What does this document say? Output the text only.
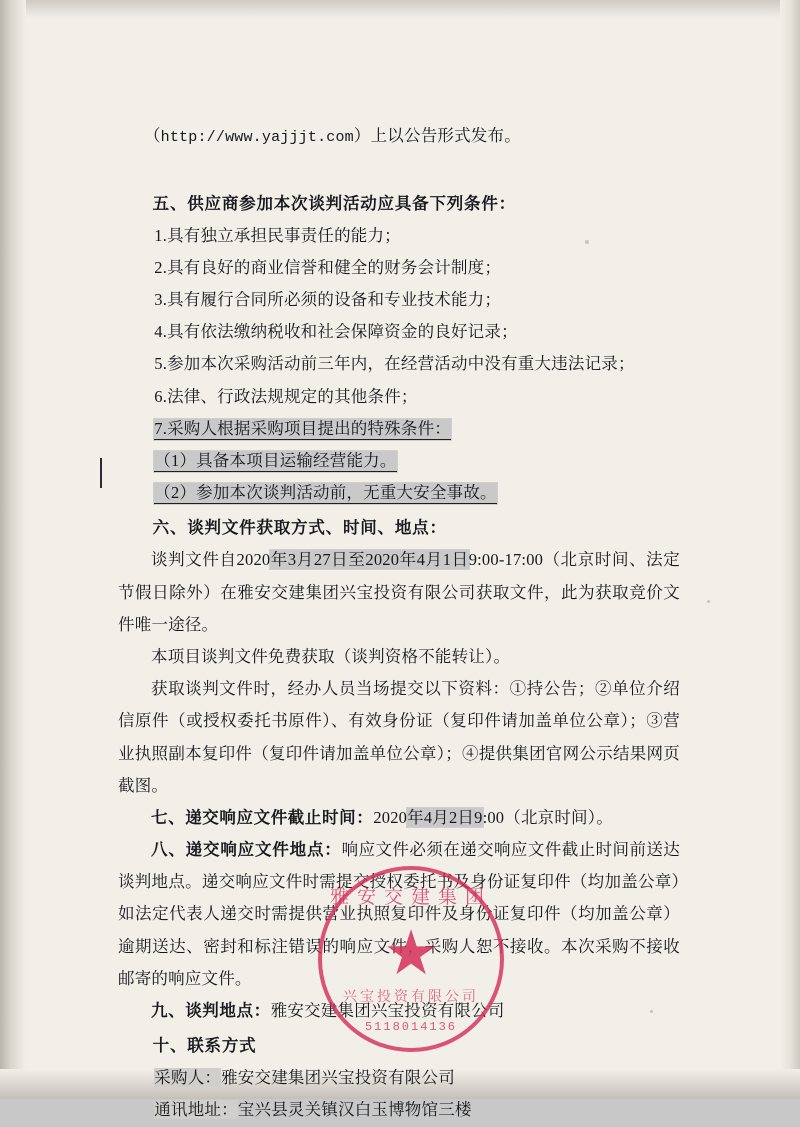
（http://www.yajjjt.com）上以公告形式发布。

五、供应商参加本次谈判活动应具备下列条件：
1.具有独立承担民事责任的能力；
2.具有良好的商业信誉和健全的财务会计制度；
3.具有履行合同所必须的设备和专业技术能力；
4.具有依法缴纳税收和社会保障资金的良好记录；
5.参加本次采购活动前三年内，在经营活动中没有重大违法记录；
6.法律、行政法规规定的其他条件；
7.采购人根据采购项目提出的特殊条件：
（1）具备本项目运输经营能力。
（2）参加本次谈判活动前，无重大安全事故。
六、谈判文件获取方式、时间、地点：
谈判文件自2020年3月27日至2020年4月1日9:00-17:00（北京时间、法定节假日除外）在雅安交建集团兴宝投资有限公司获取文件，此为获取竞价文件唯一途径。
本项目谈判文件免费获取（谈判资格不能转让）。
获取谈判文件时，经办人员当场提交以下资料：①持公告；②单位介绍信原件（或授权委托书原件）、有效身份证（复印件请加盖单位公章）；③营业执照副本复印件（复印件请加盖单位公章）；④提供集团官网公示结果网页截图。
七、递交响应文件截止时间：2020年4月2日9:00（北京时间）。
八、递交响应文件地点：响应文件必须在递交响应文件截止时间前送达谈判地点。递交响应文件时需提交授权委托书及身份证复印件（均加盖公章）如法定代表人递交时需提供营业执照复印件及身份证复印件（均加盖公章）逾期送达、密封和标注错误的响应文件，采购人恕不接收。本次采购不接收邮寄的响应文件。
九、谈判地点：雅安交建集团兴宝投资有限公司
十、联系方式
采购人：雅安交建集团兴宝投资有限公司
通讯地址：宝兴县灵关镇汉白玉博物馆三楼
雅安交建集团
★
兴宝投资有限公司
5118014136
